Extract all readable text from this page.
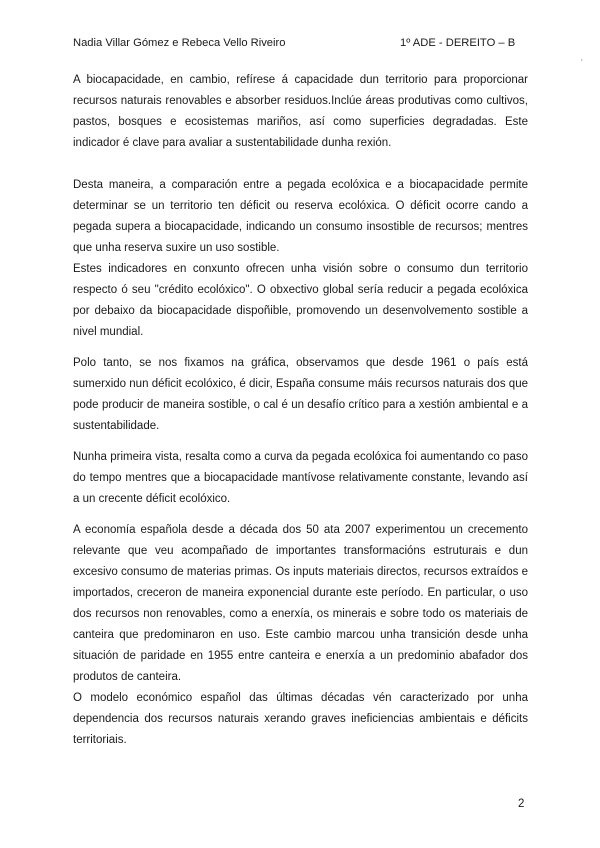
Nadia Villar Gómez e Rebeca Vello Riveiro	1º ADE - DEREITO – B
‘

A biocapacidade, en cambio, refírese á capacidade dun territorio para proporcionar recursos naturais renovables e absorber residuos.Inclúe áreas produtivas como cultivos, pastos, bosques e ecosistemas mariños, así como superficies degradadas. Este indicador é clave para avaliar a sustentabilidade dunha rexión.

Desta maneira, a comparación entre a pegada ecolóxica e a biocapacidade permite determinar se un territorio ten déficit ou reserva ecolóxica. O déficit ocorre cando a pegada supera a biocapacidade, indicando un consumo insostible de recursos; mentres que unha reserva suxire un uso sostible.

Estes indicadores en conxunto ofrecen unha visión sobre o consumo dun territorio respecto ó seu "crédito ecolóxico". O obxectivo global sería reducir a pegada ecolóxica por debaixo da biocapacidade dispoñible, promovendo un desenvolvemento sostible a nivel mundial.

Polo tanto, se nos fixamos na gráfica, observamos que desde 1961 o país está sumerxido nun déficit ecolóxico, é dicir, España consume máis recursos naturais dos que pode producir de maneira sostible, o cal é un desafío crítico para a xestión ambiental e a sustentabilidade.

Nunha primeira vista, resalta como a curva da pegada ecolóxica foi aumentando co paso do tempo mentres que a biocapacidade mantívose relativamente constante, levando así a un crecente déficit ecolóxico.

A economía española desde a década dos 50 ata 2007 experimentou un crecemento relevante que veu acompañado de importantes transformacións estruturais e dun excesivo consumo de materias primas. Os inputs materiais directos, recursos extraídos e importados, creceron de maneira exponencial durante este período. En particular, o uso dos recursos non renovables, como a enerxía, os minerais e sobre todo os materiais de canteira que predominaron en uso. Este cambio marcou unha transición desde unha situación de paridade en 1955 entre canteira e enerxía a un predominio abafador dos produtos de canteira.

O modelo económico español das últimas décadas vén caracterizado por unha dependencia dos recursos naturais xerando graves ineficiencias ambientais e déficits territoriais.

2
